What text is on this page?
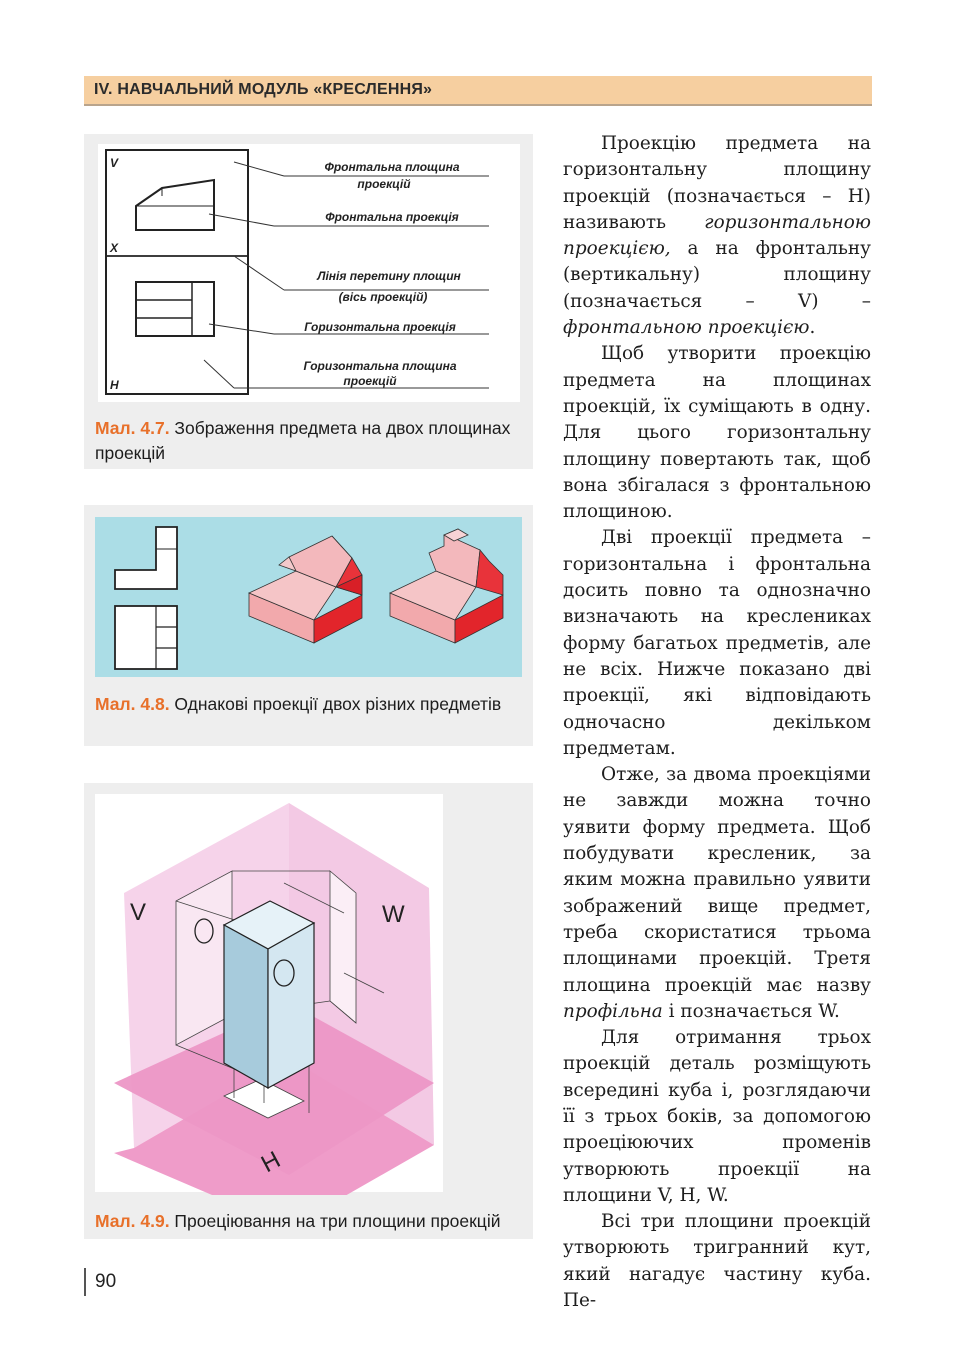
IV. НАВЧАЛЬНИЙ МОДУЛЬ «КРЕСЛЕННЯ»
V
X
H
Фронтальна площина
проекцій
Фронтальна проекція
Лінія перетину площин
(вісь проекцій)
Горизонтальна проекція
Горизонтальна площина
проекцій
Мал. 4.7. Зображення предмета на двох площинах проекцій
Мал. 4.8. Однакові проекції двох різних предметів
V	W
H
Мал. 4.9. Проеціювання на три площини проекцій

Проекцію предмета на горизонтальну площину проекцій (позначається – Н) називають горизонтальною проекцією, а на фронтальну (вертикальну) площину (позначається – V) – фронтальною проекцією.

Щоб утворити проекцію предмета на площинах проекцій, їх суміщають в одну. Для цього горизонтальну площину повертають так, щоб вона збігалася з фронтальною площиною.

Дві проекції предмета – горизонтальна і фронтальна досить повно та однозначно визначають на креслениках форму багатьох предметів, але не всіх. Нижче показано дві проекції, які відповідають одночасно декільком предметам.

Отже, за двома проекціями не завжди можна точно уявити форму предмета. Щоб побудувати кресленик, за яким можна правильно уявити зображений вище предмет, треба скористатися трьома площинами проекцій. Третя площина проекцій має назву профільна і позначається W.

Для отримання трьох проекцій деталь розміщують всередині куба і, розглядаючи її з трьох боків, за допомогою проеціюючих променів утворюють проекції на площини V, H, W.

Всі три площини проекцій утворюють тригранний кут, який нагадує частину куба. Пе-

90
